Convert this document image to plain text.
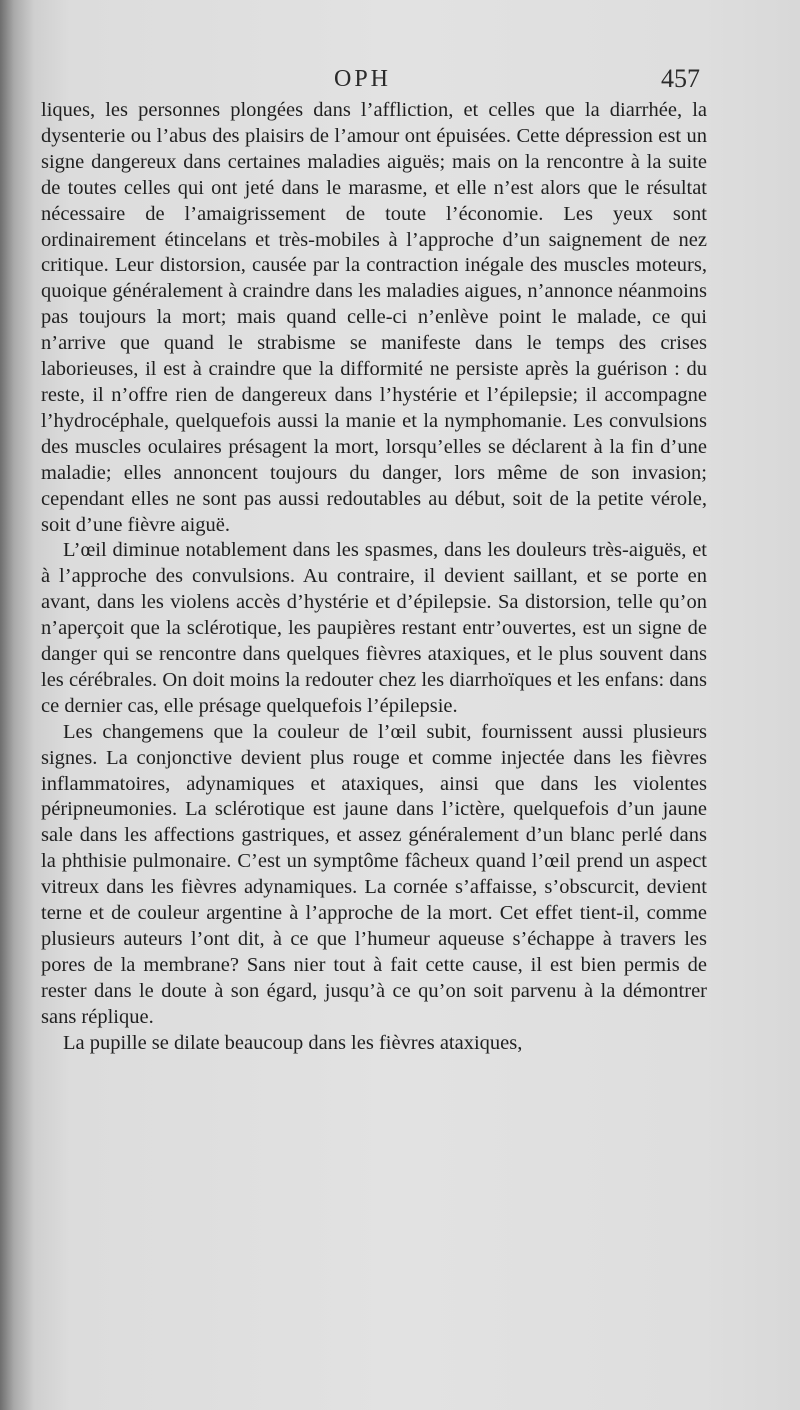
OPH	457

liques, les personnes plongées dans l’affliction, et celles que la diarrhée, la dysenterie ou l’abus des plaisirs de l’amour ont épuisées. Cette dépression est un signe dangereux dans certaines maladies aiguës; mais on la rencontre à la suite de toutes celles qui ont jeté dans le marasme, et elle n’est alors que le résultat nécessaire de l’amaigrissement de toute l’économie. Les yeux sont ordinairement étincelans et très-mobiles à l’approche d’un saignement de nez critique. Leur distorsion, causée par la contraction inégale des muscles moteurs, quoique généralement à craindre dans les maladies aigues, n’annonce néanmoins pas toujours la mort; mais quand celle-ci n’enlève point le malade, ce qui n’arrive que quand le strabisme se manifeste dans le temps des crises laborieuses, il est à craindre que la difformité ne persiste après la guérison : du reste, il n’offre rien de dangereux dans l’hystérie et l’épilepsie; il accompagne l’hydrocéphale, quelquefois aussi la manie et la nymphomanie. Les convulsions des muscles oculaires présagent la mort, lorsqu’elles se déclarent à la fin d’une maladie; elles annoncent toujours du danger, lors même de son invasion; cependant elles ne sont pas aussi redoutables au début, soit de la petite vérole, soit d’une fièvre aiguë.

L’œil diminue notablement dans les spasmes, dans les douleurs très-aiguës, et à l’approche des convulsions. Au contraire, il devient saillant, et se porte en avant, dans les violens accès d’hystérie et d’épilepsie. Sa distorsion, telle qu’on n’aperçoit que la sclérotique, les paupières restant entr’ouvertes, est un signe de danger qui se rencontre dans quelques fièvres ataxiques, et le plus souvent dans les cérébrales. On doit moins la redouter chez les diarrhoïques et les enfans: dans ce dernier cas, elle présage quelquefois l’épilepsie.

Les changemens que la couleur de l’œil subit, fournissent aussi plusieurs signes. La conjonctive devient plus rouge et comme injectée dans les fièvres inflammatoires, adynamiques et ataxiques, ainsi que dans les violentes péripneumonies. La sclérotique est jaune dans l’ictère, quelquefois d’un jaune sale dans les affections gastriques, et assez généralement d’un blanc perlé dans la phthisie pulmonaire. C’est un symptôme fâcheux quand l’œil prend un aspect vitreux dans les fièvres adynamiques. La cornée s’affaisse, s’obscurcit, devient terne et de couleur argentine à l’approche de la mort. Cet effet tient-il, comme plusieurs auteurs l’ont dit, à ce que l’humeur aqueuse s’échappe à travers les pores de la membrane? Sans nier tout à fait cette cause, il est bien permis de rester dans le doute à son égard, jusqu’à ce qu’on soit parvenu à la démontrer sans réplique.

La pupille se dilate beaucoup dans les fièvres ataxiques,
